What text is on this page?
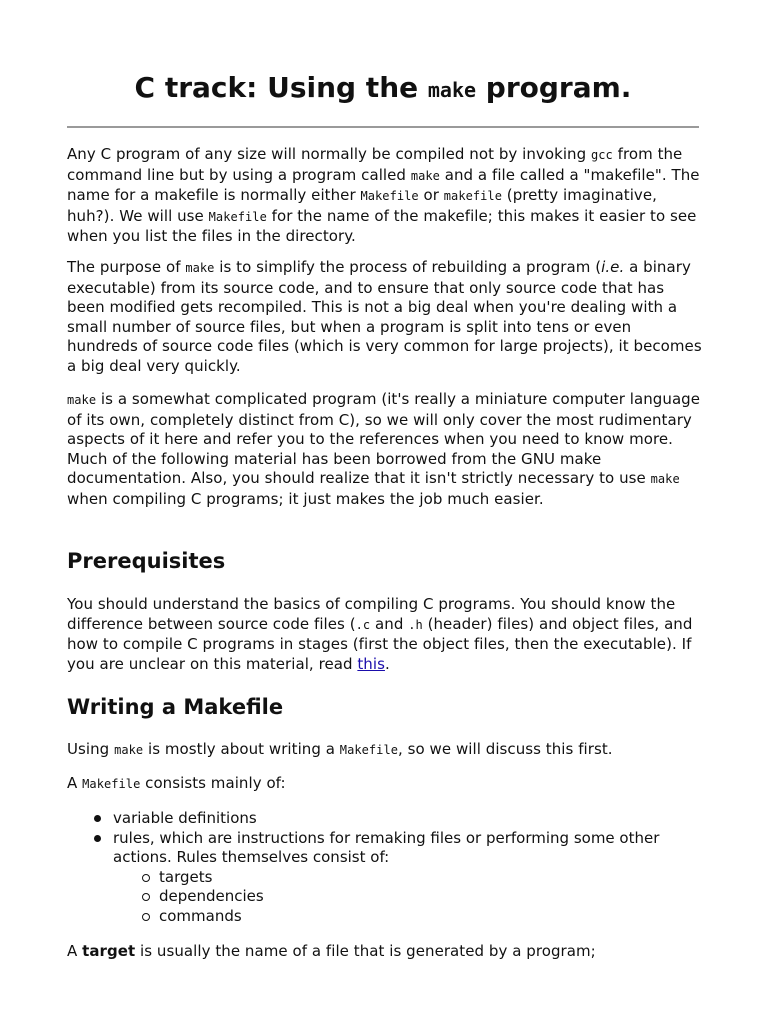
C track: Using the make program.

Any C program of any size will normally be compiled not by invoking gcc from the command line but by using a program called make and a file called a "makefile". The name for a makefile is normally either Makefile or makefile (pretty imaginative, huh?). We will use Makefile for the name of the makefile; this makes it easier to see when you list the files in the directory.

The purpose of make is to simplify the process of rebuilding a program (i.e. a binary executable) from its source code, and to ensure that only source code that has been modified gets recompiled. This is not a big deal when you're dealing with a small number of source files, but when a program is split into tens or even hundreds of source code files (which is very common for large projects), it becomes a big deal very quickly.

make is a somewhat complicated program (it's really a miniature computer language of its own, completely distinct from C), so we will only cover the most rudimentary aspects of it here and refer you to the references when you need to know more. Much of the following material has been borrowed from the GNU make documentation. Also, you should realize that it isn't strictly necessary to use make when compiling C programs; it just makes the job much easier.

Prerequisites

You should understand the basics of compiling C programs. You should know the difference between source code files (.c and .h (header) files) and object files, and how to compile C programs in stages (first the object files, then the executable). If you are unclear on this material, read this.

Writing a Makefile

Using make is mostly about writing a Makefile, so we will discuss this first.

A Makefile consists mainly of:

variable definitions
rules, which are instructions for remaking files or performing some other actions. Rules themselves consist of:
targets
dependencies
commands

A target is usually the name of a file that is generated by a program;
